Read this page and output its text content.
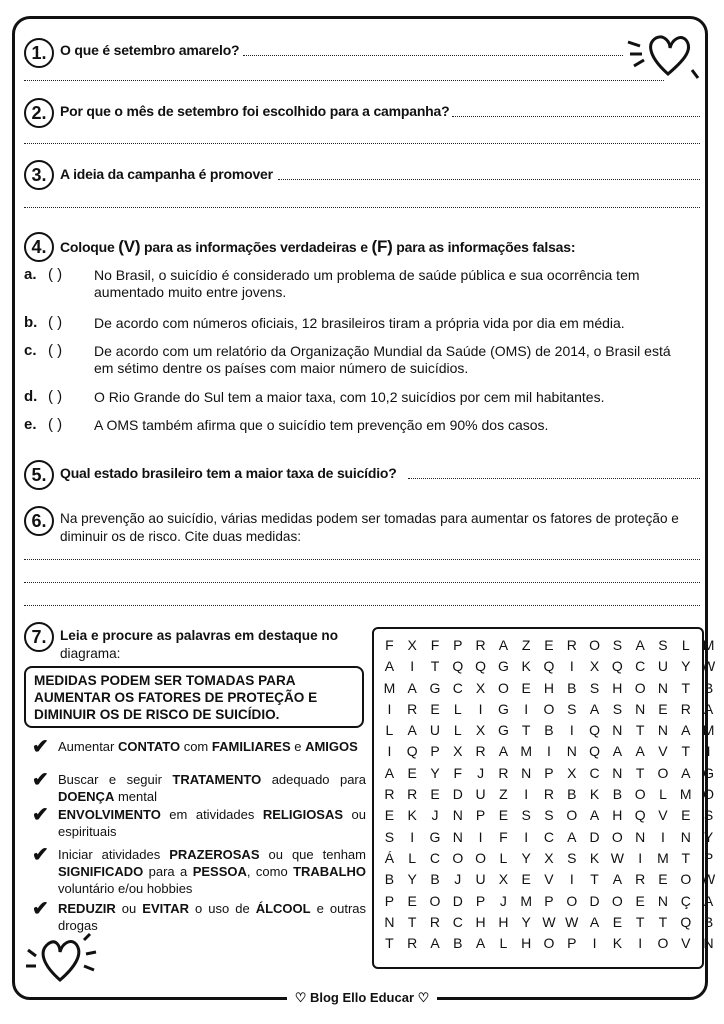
1. O que é setembro amarelo?
2. Por que o mês de setembro foi escolhido para a campanha?
3. A ideia da campanha é promover
4. Coloque (V) para as informações verdadeiras e (F) para as informações falsas:
a. ( ) No Brasil, o suicídio é considerado um problema de saúde pública e sua ocorrência tem
aumentado muito entre jovens.
b. ( ) De acordo com números oficiais, 12 brasileiros tiram a própria vida por dia em média.
c. ( ) De acordo com um relatório da Organização Mundial da Saúde (OMS) de 2014, o Brasil está
em sétimo dentre os países com maior número de suicídios.
d. ( ) O Rio Grande do Sul tem a maior taxa, com 10,2 suicídios por cem mil habitantes.
e. ( ) A OMS também afirma que o suicídio tem prevenção em 90% dos casos.
5. Qual estado brasileiro tem a maior taxa de suicídio?
6. Na prevenção ao suicídio, várias medidas podem ser tomadas para aumentar os fatores de proteção e
diminuir os de risco. Cite duas medidas:
7. Leia e procure as palavras em destaque no
diagrama:
MEDIDAS PODEM SER TOMADAS PARA
AUMENTAR OS FATORES DE PROTEÇÃO E
DIMINUIR OS DE RISCO DE SUICÍDIO.
✔ Aumentar CONTATO com FAMILIARES e AMIGOS
✔ Buscar e seguir TRATAMENTO adequado para DOENÇA mental
✔ ENVOLVIMENTO em atividades RELIGIOSAS ou espirituais
✔ Iniciar atividades PRAZEROSAS ou que tenham SIGNIFICADO para a PESSOA, como TRABALHO voluntário e/ou hobbies
✔ REDUZIR ou EVITAR o uso de ÁLCOOL e outras drogas
F X F P R A Z E R O S A S	L M
A	I	T Q Q G K Q	I	X Q C U Y W
M A G C X O E H B S H O N T B
I	R E	L	I	G	I	O S A S N E R A
L	A U L	X G T B	I	Q N T N A M
I	Q P X R A M	I	N Q A A V T	I
A E Y F	J	R N P X C N T O A G
R R E D U Z	I	R B K B O L M O
E K	J	N P E S S O A H Q V E S
S	I	G N	I	F	I	C A D O N	I	N Y
Á	L C O O L	Y X S K W	I	M T P
B Y B	J	U X E V	I	T A R E O W
P E O D P	J M P O D O E N Ç A
N T R C H H Y W W A E T	T Q B
T R A B A	L H O P	I	K	I	O V N
♡ Blog Ello Educar ♡
